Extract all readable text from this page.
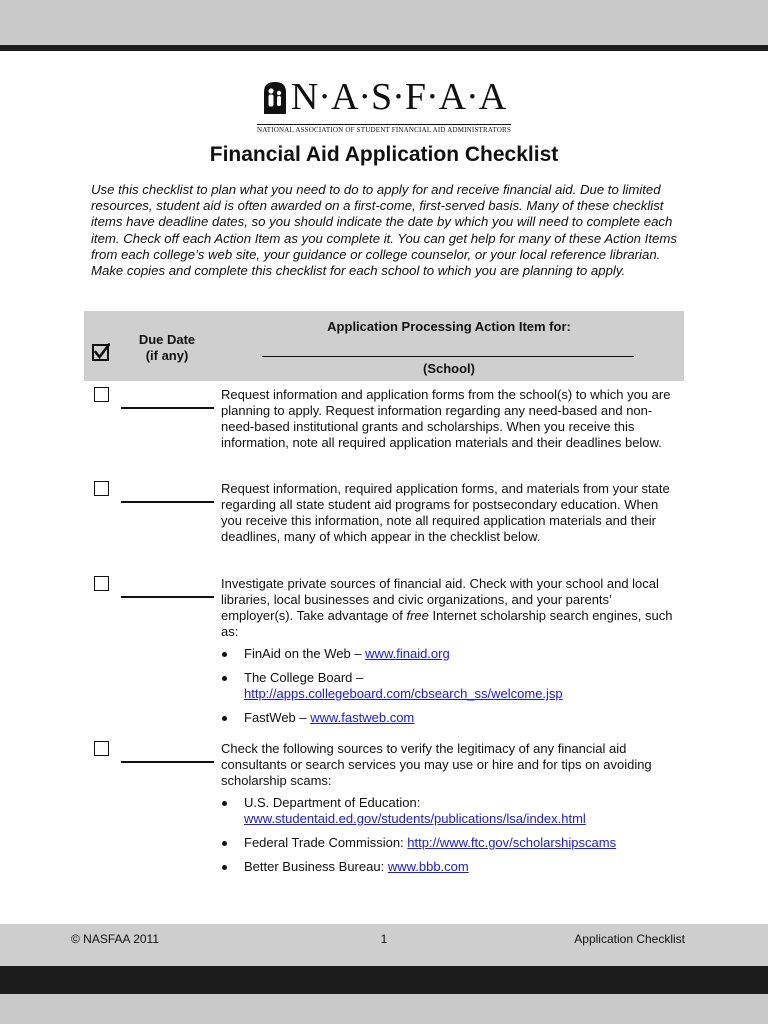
N·A·S·F·A·A
NATIONAL ASSOCIATION OF STUDENT FINANCIAL AID ADMINISTRATORS
Financial Aid Application Checklist

Use this checklist to plan what you need to do to apply for and receive financial aid. Due to limited resources, student aid is often awarded on a first-come, first-served basis. Many of these checklist items have deadline dates, so you should indicate the date by which you will need to complete each item. Check off each Action Item as you complete it. You can get help for many of these Action Items from each college’s web site, your guidance or college counselor, or your local reference librarian. Make copies and complete this checklist for each school to which you are planning to apply.

Due Date
(if any)
Application Processing Action Item for:
(School)

Request information and application forms from the school(s) to which you are planning to apply. Request information regarding any need-based and non-need-based institutional grants and scholarships. When you receive this information, note all required application materials and their deadlines below.

Request information, required application forms, and materials from your state regarding all state student aid programs for postsecondary education. When you receive this information, note all required application materials and their deadlines, many of which appear in the checklist below.

Investigate private sources of financial aid. Check with your school and local libraries, local businesses and civic organizations, and your parents’ employer(s). Take advantage of free Internet scholarship search engines, such as:

FinAid on the Web – www.finaid.org
The College Board –
http://apps.collegeboard.com/cbsearch_ss/welcome.jsp
FastWeb – www.fastweb.com

Check the following sources to verify the legitimacy of any financial aid consultants or search services you may use or hire and for tips on avoiding scholarship scams:

U.S. Department of Education:
www.studentaid.ed.gov/students/publications/lsa/index.html
Federal Trade Commission: http://www.ftc.gov/scholarshipscams
Better Business Bureau: www.bbb.com
© NASFAA 2011	1	Application Checklist
